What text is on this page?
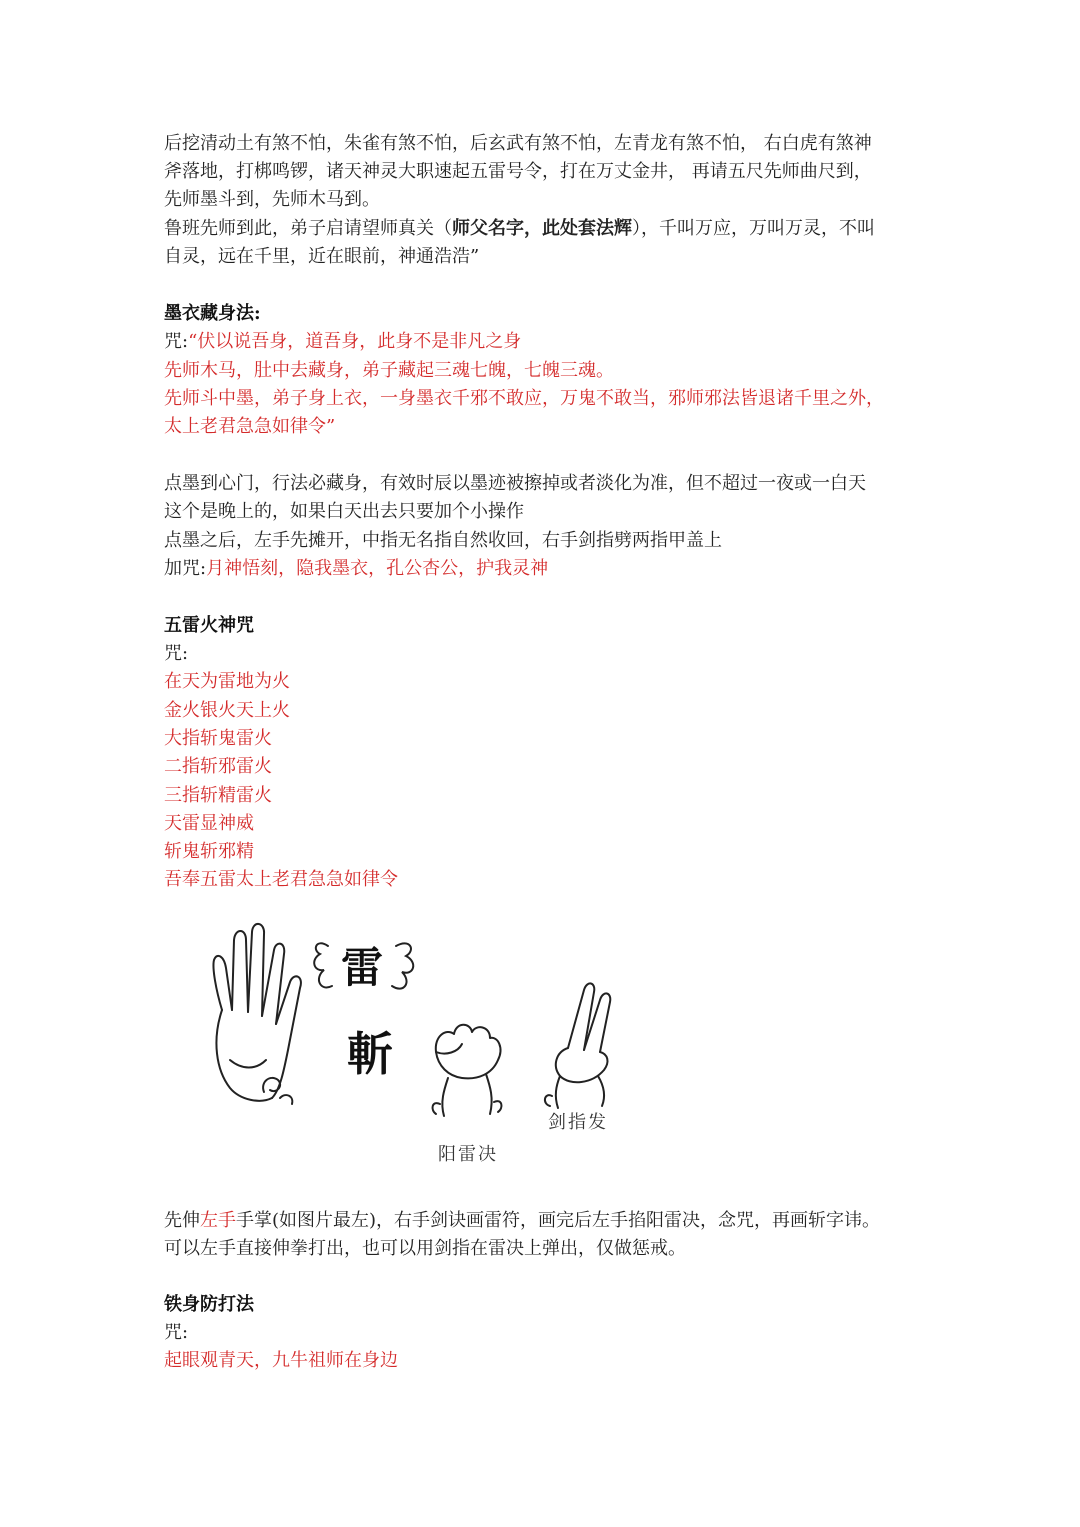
后挖清动土有煞不怕，朱雀有煞不怕，后玄武有煞不怕，左青龙有煞不怕， 右白虎有煞神
斧落地，打梆鸣锣，诸天神灵大职速起五雷号令，打在万丈金井， 再请五尺先师曲尺到，
先师墨斗到，先师木马到。
鲁班先师到此，弟子启请望师真关（师父名字，此处套法辉），千叫万应，万叫万灵，不叫
自灵，远在千里，近在眼前，神通浩浩”
墨衣藏身法:
咒:“伏以说吾身，道吾身，此身不是非凡之身
先师木马，肚中去藏身，弟子藏起三魂七魄，七魄三魂。
先师斗中墨，弟子身上衣，一身墨衣千邪不敢应，万鬼不敢当，邪师邪法皆退诸千里之外，
太上老君急急如律令”
点墨到心门，行法必藏身，有效时辰以墨迹被擦掉或者淡化为准，但不超过一夜或一白天
这个是晚上的，如果白天出去只要加个小操作
点墨之后，左手先摊开，中指无名指自然收回，右手剑指劈两指甲盖上
加咒:月神悟刻，隐我墨衣，孔公杏公，护我灵神
五雷火神咒
咒:
在天为雷地为火
金火银火天上火
大指斩鬼雷火
二指斩邪雷火
三指斩精雷火
天雷显神威
斩鬼斩邪精
吾奉五雷太上老君急急如律令
雷
斬
阳雷决
剑指发
先伸左手手掌(如图片最左)，右手剑诀画雷符，画完后左手掐阳雷决，念咒，再画斩字讳。
可以左手直接伸拳打出，也可以用剑指在雷决上弹出，仅做惩戒。
铁身防打法
咒:
起眼观青天，九牛祖师在身边
